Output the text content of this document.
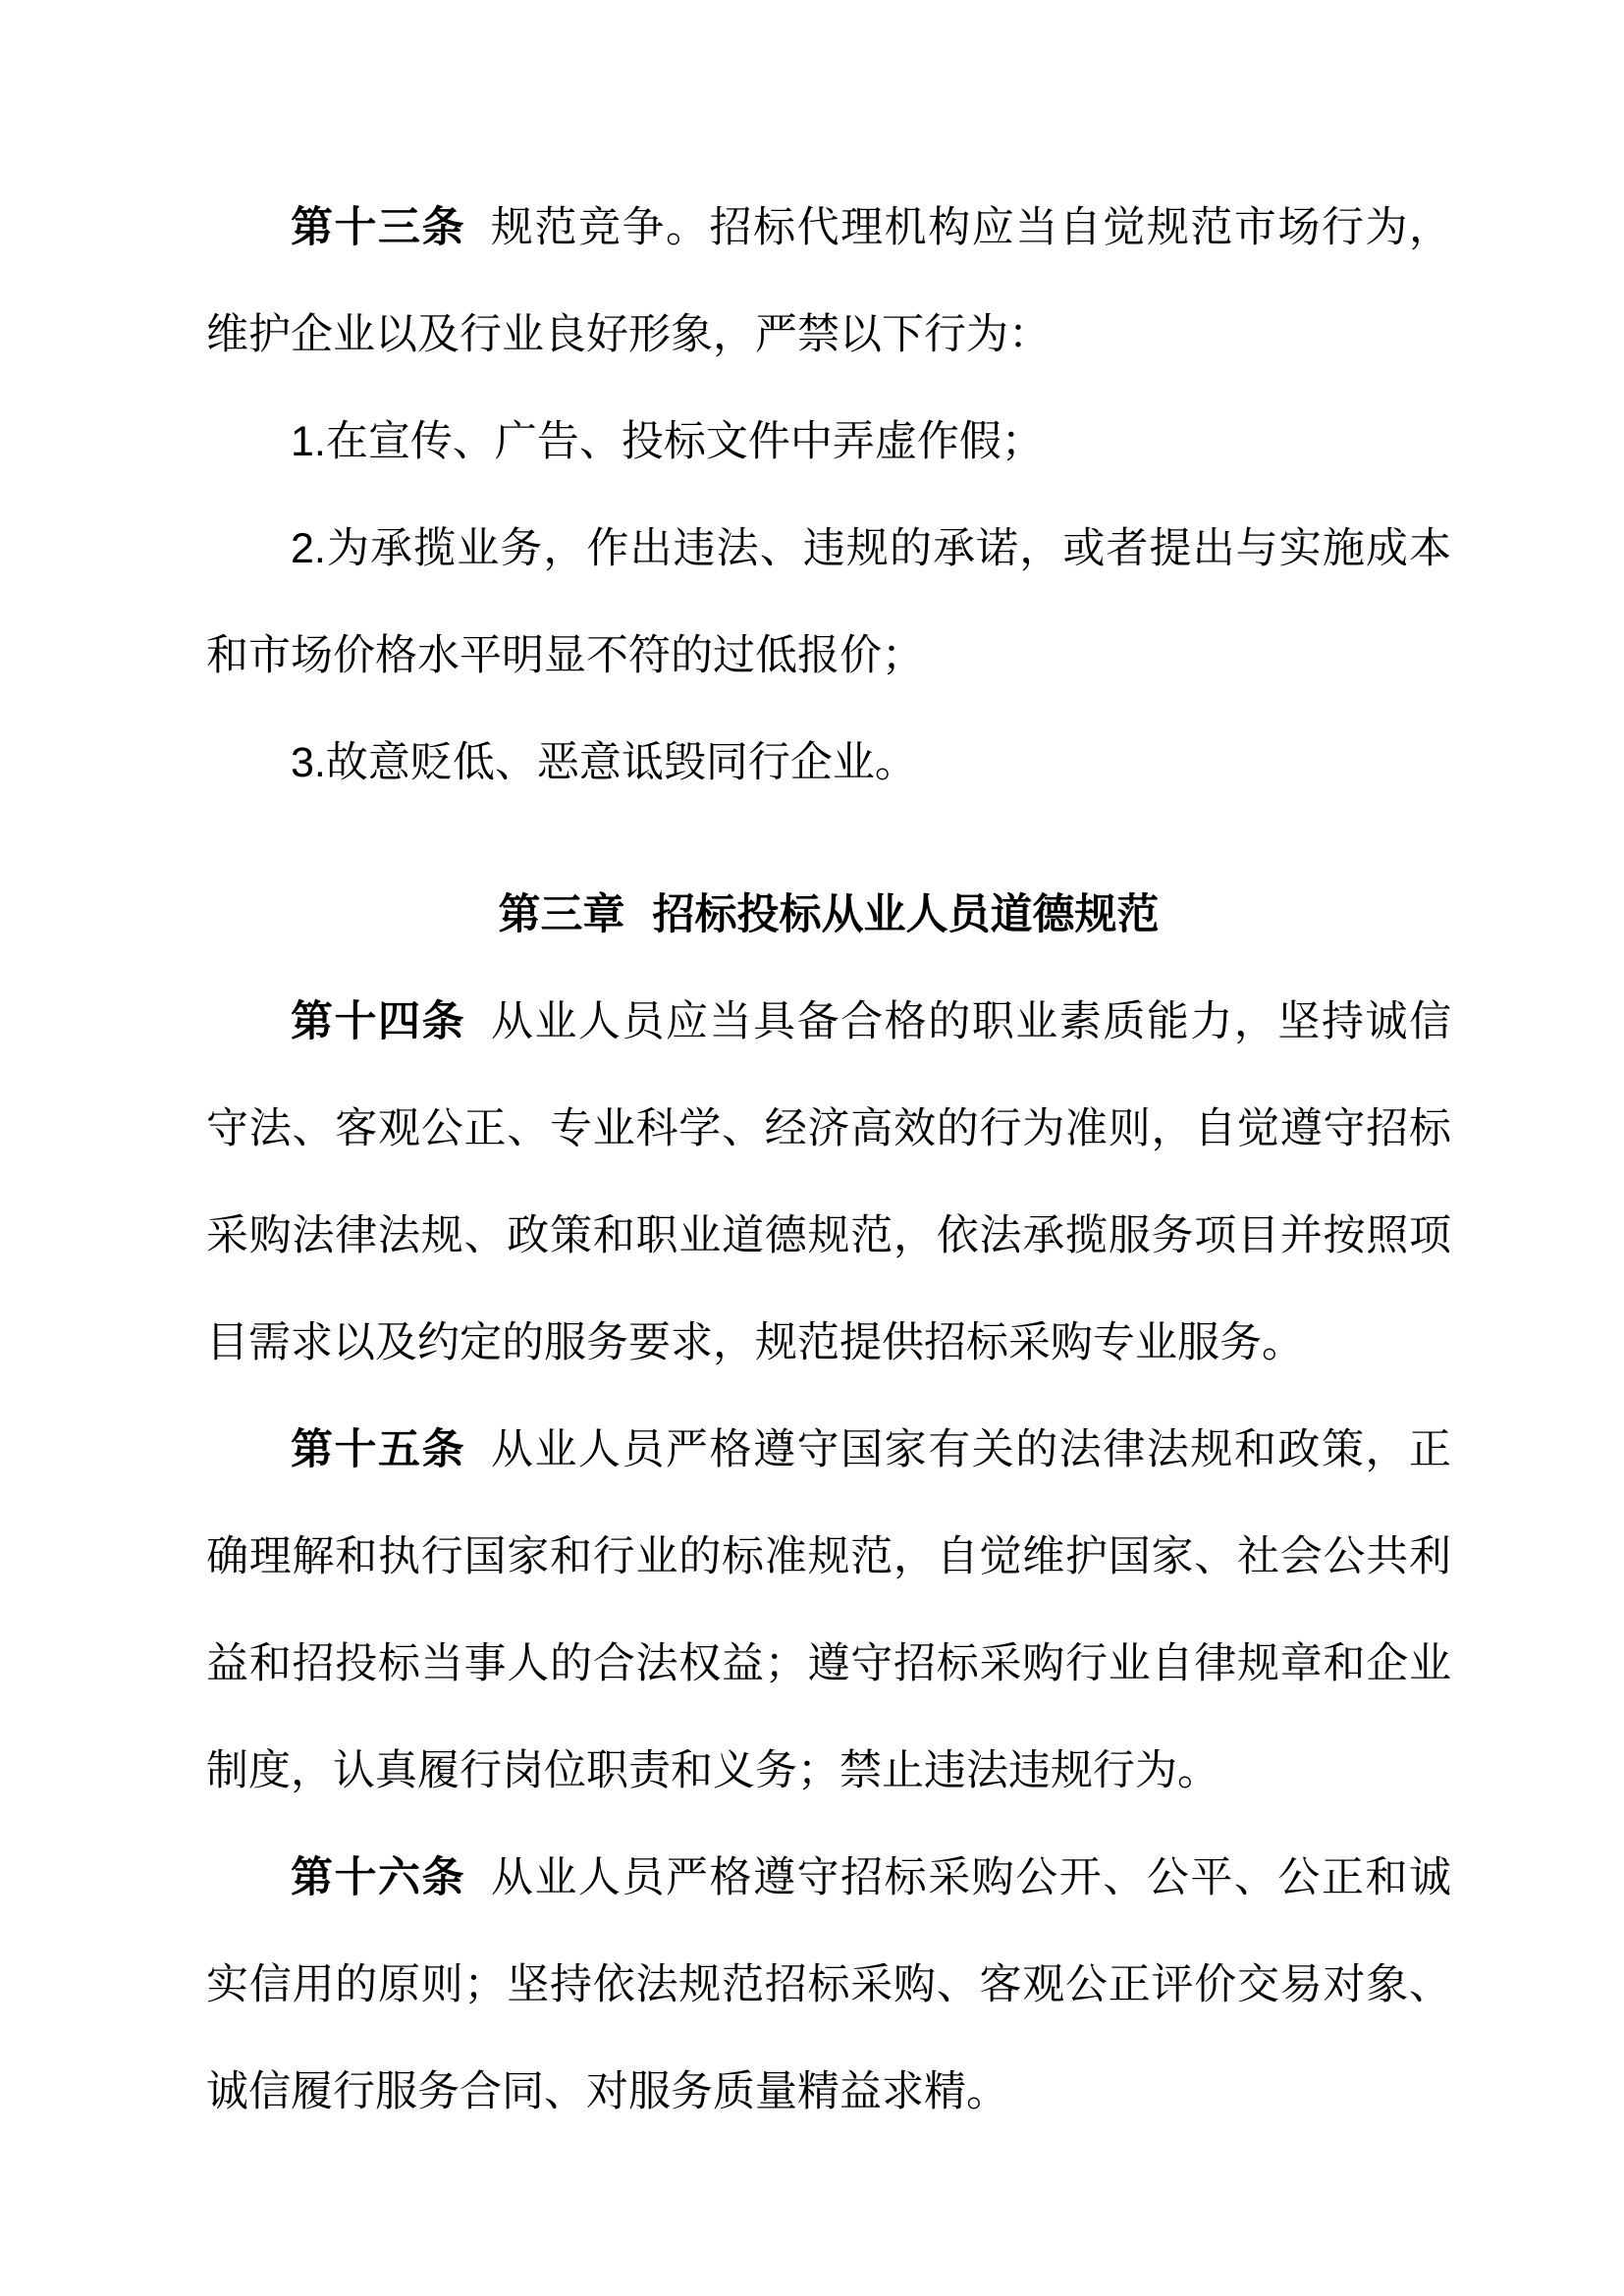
第十三条 规范竞争。招标代理机构应当自觉规范市场行为，维护企业以及行业良好形象，严禁以下行为：

1.在宣传、广告、投标文件中弄虚作假；

2.为承揽业务，作出违法、违规的承诺，或者提出与实施成本和市场价格水平明显不符的过低报价；

3.故意贬低、恶意诋毁同行企业。

第三章 招标投标从业人员道德规范

第十四条 从业人员应当具备合格的职业素质能力，坚持诚信守法、客观公正、专业科学、经济高效的行为准则，自觉遵守招标采购法律法规、政策和职业道德规范，依法承揽服务项目并按照项目需求以及约定的服务要求，规范提供招标采购专业服务。

第十五条 从业人员严格遵守国家有关的法律法规和政策，正确理解和执行国家和行业的标准规范，自觉维护国家、社会公共利益和招投标当事人的合法权益；遵守招标采购行业自律规章和企业制度，认真履行岗位职责和义务；禁止违法违规行为。

第十六条 从业人员严格遵守招标采购公开、公平、公正和诚实信用的原则；坚持依法规范招标采购、客观公正评价交易对象、诚信履行服务合同、对服务质量精益求精。
